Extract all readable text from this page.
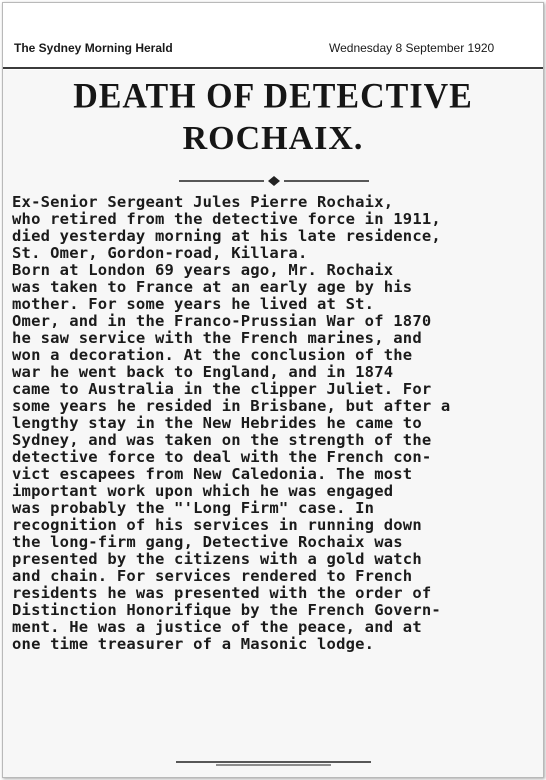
The Sydney Morning Herald	Wednesday 8 September 1920
DEATH OF DETECTIVE
ROCHAIX.
Ex-Senior Sergeant Jules Pierre Rochaix,
who retired from the detective force in 1911,
died yesterday morning at his late residence,
St. Omer, Gordon-road, Killara.
Born at London 69 years ago, Mr. Rochaix
was taken to France at an early age by his
mother. For some years he lived at St.
Omer, and in the Franco-Prussian War of 1870
he saw service with the French marines, and
won a decoration. At the conclusion of the
war he went back to England, and in 1874
came to Australia in the clipper Juliet. For
some years he resided in Brisbane, but after a
lengthy stay in the New Hebrides he came to
Sydney, and was taken on the strength of the
detective force to deal with the French con-
vict escapees from New Caledonia. The most
important work upon which he was engaged
was probably the "'Long Firm" case. In
recognition of his services in running down
the long-firm gang, Detective Rochaix was
presented by the citizens with a gold watch
and chain. For services rendered to French
residents he was presented with the order of
Distinction Honorifique by the French Govern-
ment. He was a justice of the peace, and at
one time treasurer of a Masonic lodge.
